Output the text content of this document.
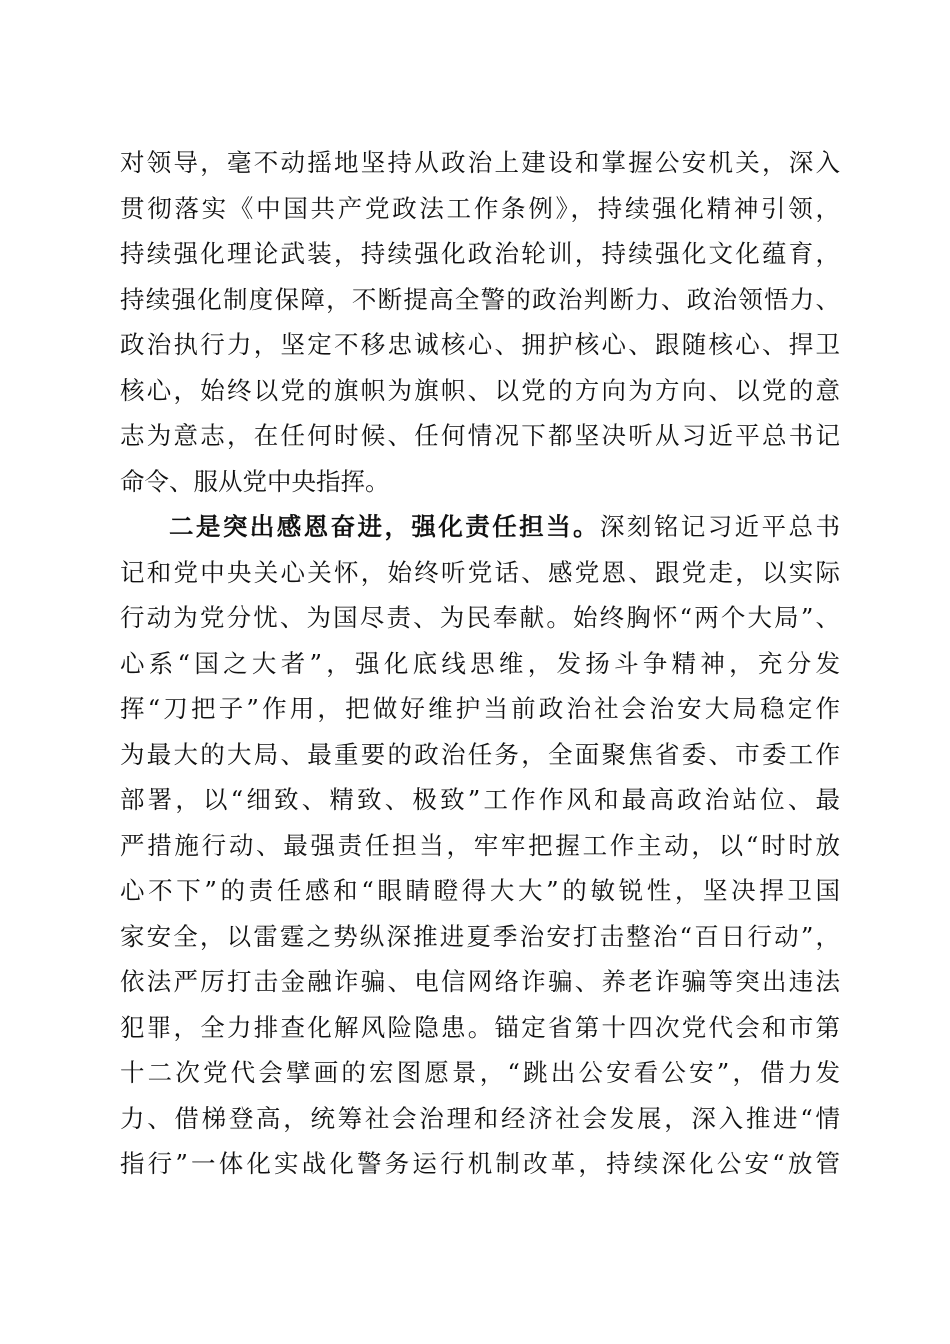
对领导，毫不动摇地坚持从政治上建设和掌握公安机关，深入
贯彻落实《中国共产党政法工作条例》，持续强化精神引领，
持续强化理论武装，持续强化政治轮训，持续强化文化蕴育，
持续强化制度保障，不断提高全警的政治判断力、政治领悟力、
政治执行力，坚定不移忠诚核心、拥护核心、跟随核心、捍卫
核心，始终以党的旗帜为旗帜、以党的方向为方向、以党的意
志为意志，在任何时候、任何情况下都坚决听从习近平总书记
命令、服从党中央指挥。
二是突出感恩奋进，强化责任担当。深刻铭记习近平总书
记和党中央关心关怀，始终听党话、感党恩、跟党走，以实际
行动为党分忧、为国尽责、为民奉献。始终胸怀“两个大局”、
心系“国之大者”，强化底线思维，发扬斗争精神，充分发
挥“刀把子”作用，把做好维护当前政治社会治安大局稳定作
为最大的大局、最重要的政治任务，全面聚焦省委、市委工作
部署，以“细致、精致、极致”工作作风和最高政治站位、最
严措施行动、最强责任担当，牢牢把握工作主动，以“时时放
心不下”的责任感和“眼睛瞪得大大”的敏锐性，坚决捍卫国
家安全，以雷霆之势纵深推进夏季治安打击整治“百日行动”，
依法严厉打击金融诈骗、电信网络诈骗、养老诈骗等突出违法
犯罪，全力排查化解风险隐患。锚定省第十四次党代会和市第
十二次党代会擘画的宏图愿景，“跳出公安看公安”，借力发
力、借梯登高，统筹社会治理和经济社会发展，深入推进“情
指行”一体化实战化警务运行机制改革，持续深化公安“放管
